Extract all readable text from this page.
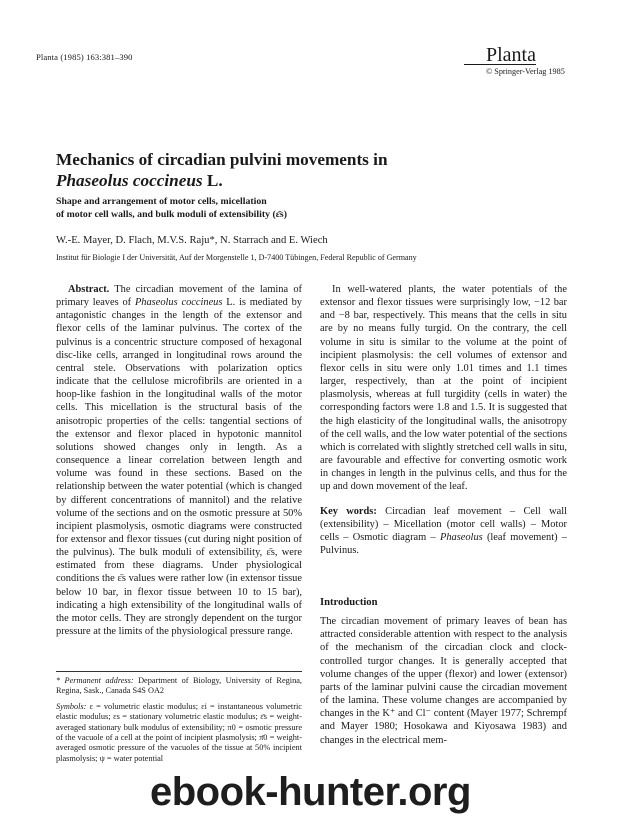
Planta (1985) 163:381–390	Planta
© Springer-Verlag 1985
Mechanics of circadian pulvini movements in
Phaseolus coccineus L.
Shape and arrangement of motor cells, micellation
of motor cell walls, and bulk moduli of extensibility (ε̄s)
W.-E. Mayer, D. Flach, M.V.S. Raju*, N. Starrach and E. Wiech
Institut für Biologie I der Universität, Auf der Morgenstelle 1, D-7400 Tübingen, Federal Republic of Germany

Abstract. The circadian movement of the lamina of primary leaves of Phaseolus coccineus L. is mediated by antagonistic changes in the length of the extensor and flexor cells of the laminar pulvinus. The cortex of the pulvinus is a concentric structure composed of hexagonal disc-like cells, arranged in longitudinal rows around the central stele. Observations with polarization optics indicate that the cellulose microfibrils are oriented in a hoop-like fashion in the longitudinal walls of the motor cells. This micellation is the structural basis of the anisotropic properties of the cells: tangential sections of the extensor and flexor placed in hypotonic mannitol solutions showed changes only in length. As a consequence a linear correlation between length and volume was found in these sections. Based on the relationship between the water potential (which is changed by different concentrations of mannitol) and the relative volume of the sections and on the osmotic pressure at 50% incipient plasmolysis, osmotic diagrams were constructed for extensor and flexor tissues (cut during night position of the pulvinus). The bulk moduli of extensibility, ε̄s, were estimated from these diagrams. Under physiological conditions the ε̄s values were rather low (in extensor tissue below 10 bar, in flexor tissue between 10 to 15 bar), indicating a high extensibility of the longitudinal walls of the motor cells. They are strongly dependent on the turgor pressure at the limits of the physiological pressure range.

In well-watered plants, the water potentials of the extensor and flexor tissues were surprisingly low, −12 bar and −8 bar, respectively. This means that the cells in situ are by no means fully turgid. On the contrary, the cell volume in situ is similar to the volume at the point of incipient plasmolysis: the cell volumes of extensor and flexor cells in situ were only 1.01 times and 1.1 times larger, respectively, than at the point of incipient plasmolysis, whereas at full turgidity (cells in water) the corresponding factors were 1.8 and 1.5. It is suggested that the high elasticity of the longitudinal walls, the anisotropy of the cell walls, and the low water potential of the sections which is correlated with slightly stretched cell walls in situ, are favourable and effective for converting osmotic work in changes in length in the pulvinus cells, and thus for the up and down movement of the leaf.

Key words: Circadian leaf movement – Cell wall (extensibility) – Micellation (motor cell walls) – Motor cells – Osmotic diagram – Phaseolus (leaf movement) – Pulvinus.

Introduction

The circadian movement of primary leaves of bean has attracted considerable attention with respect to the analysis of the mechanism of the circadian clock and clock-controlled turgor changes. It is generally accepted that volume changes of the upper (flexor) and lower (extensor) parts of the laminar pulvini cause the circadian movement of the lamina. These volume changes are accompanied by changes in the K⁺ and Cl⁻ content (Mayer 1977; Schrempf and Mayer 1980; Hosokawa and Kiyosawa 1983) and changes in the electrical mem-

* Permanent address: Department of Biology, University of Regina, Regina, Sask., Canada S4S OA2

Symbols: ε = volumetric elastic modulus; εi = instantaneous volumetric elastic modulus; εs = stationary volumetric elastic modulus; ε̄s = weight-averaged stationary bulk modulus of extensibility; π0 = osmotic pressure of the vacuole of a cell at the point of incipient plasmolysis; π̄0 = weight-averaged osmotic pressure of the vacuoles of the tissue at 50% incipient plasmolysis; ψ = water potential

ebook-hunter.org
